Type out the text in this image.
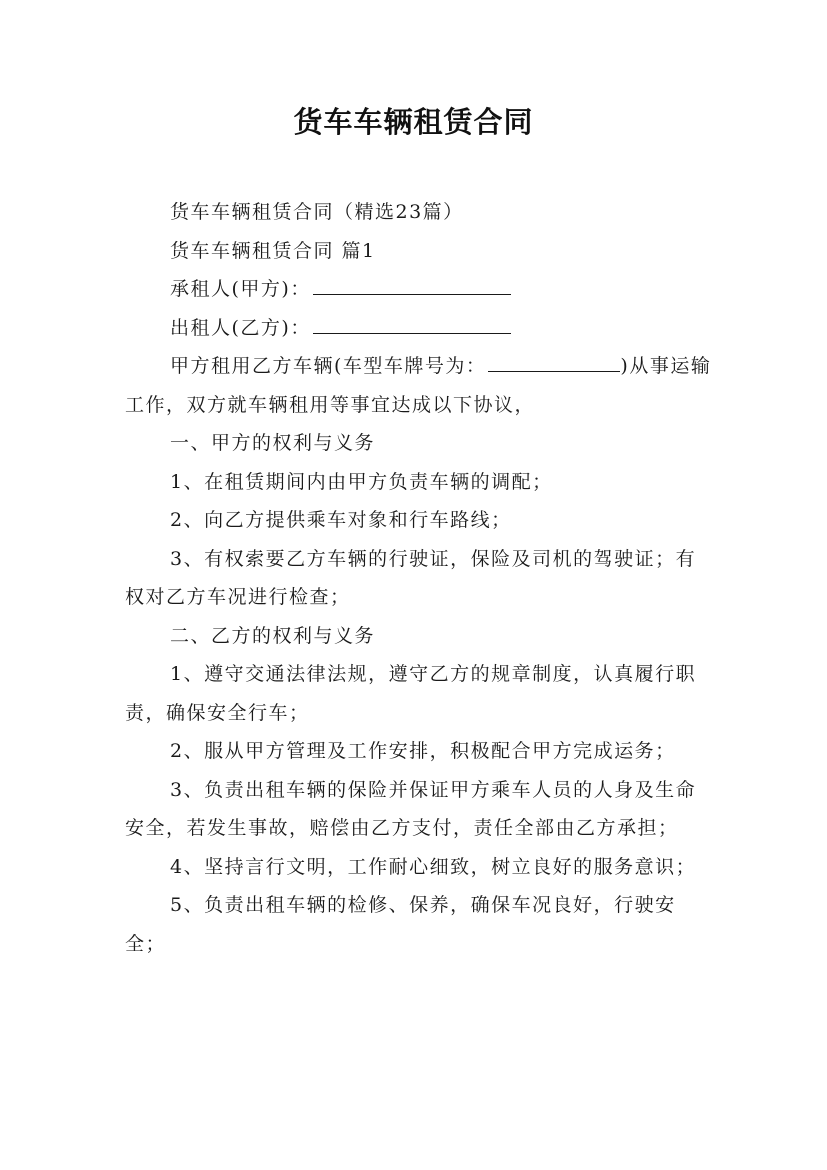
货车车辆租赁合同

货车车辆租赁合同（精选23篇）

货车车辆租赁合同 篇1

承租人(甲方)：

出租人(乙方)：

甲方租用乙方车辆(车型车牌号为：	)从事运输工作，双方就车辆租用等事宜达成以下协议，

一、甲方的权利与义务

1、在租赁期间内由甲方负责车辆的调配；

2、向乙方提供乘车对象和行车路线；

3、有权索要乙方车辆的行驶证，保险及司机的驾驶证；有权对乙方车况进行检查；

二、乙方的权利与义务

1、遵守交通法律法规，遵守乙方的规章制度，认真履行职责，确保安全行车；

2、服从甲方管理及工作安排，积极配合甲方完成运务；

3、负责出租车辆的保险并保证甲方乘车人员的人身及生命安全，若发生事故，赔偿由乙方支付，责任全部由乙方承担；

4、坚持言行文明，工作耐心细致，树立良好的服务意识；

5、负责出租车辆的检修、保养，确保车况良好，行驶安全；
